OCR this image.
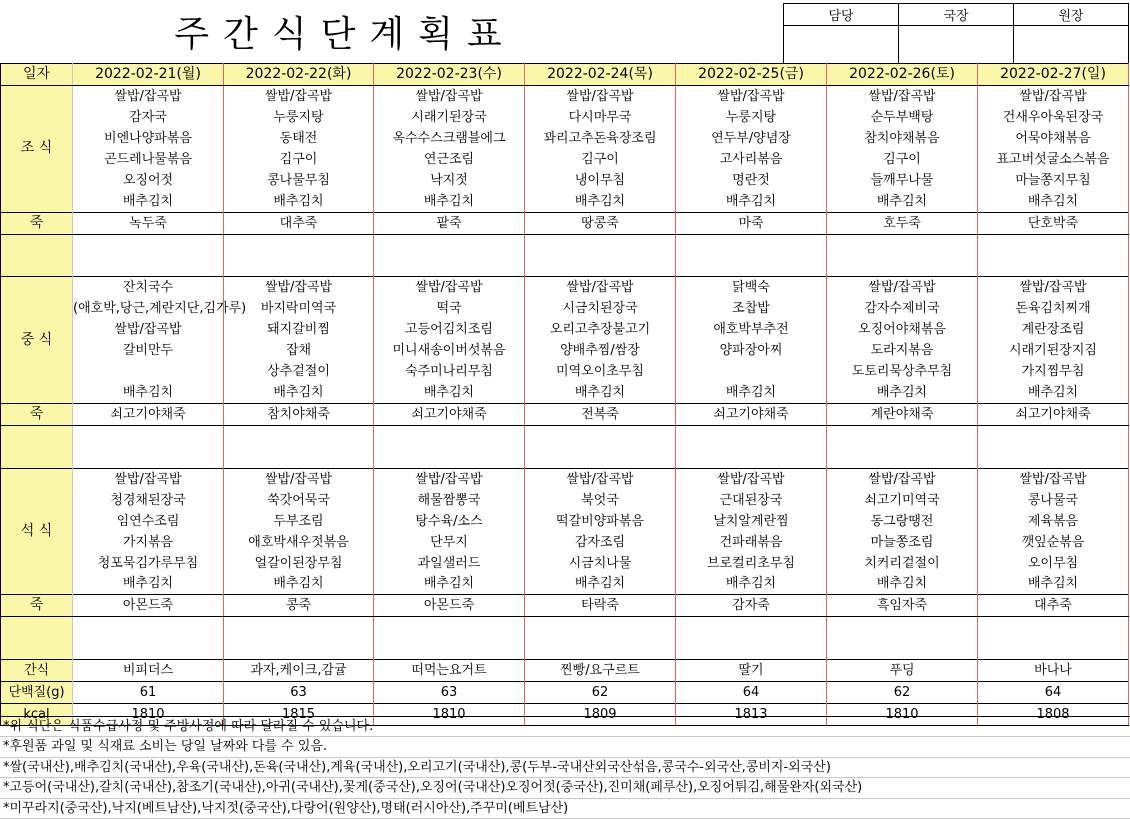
주간식단계획표	담당	국장	원장

일자	2022-02-21(월)	2022-02-22(화)	2022-02-23(수)	2022-02-24(목)	2022-02-25(금)	2022-02-26(토)	2022-02-27(일)
조 식	쌀밥/잡곡밥	쌀밥/잡곡밥	쌀밥/잡곡밥	쌀밥/잡곡밥	쌀밥/잡곡밥	쌀밥/잡곡밥	쌀밥/잡곡밥
	감자국	누룽지탕	시래기된장국	다시마무국	누룽지탕	순두부백탕	건새우아욱된장국
	비엔나양파볶음	동태전	옥수수스크램블에그	꽈리고추돈육장조림	연두부/양념장	참치야채볶음	어묵야채볶음
	곤드레나물볶음	김구이	연근조림	김구이	고사리볶음	김구이	표고버섯굴소스볶음
	오징어젓	콩나물무침	낙지젓	냉이무침	명란젓	들깨무나물	마늘쫑지무침
	배추김치	배추김치	배추김치	배추김치	배추김치	배추김치	배추김치
죽	녹두죽	대추죽	팥죽	땅콩죽	마죽	호두죽	단호박죽

중 식	잔치국수	쌀밥/잡곡밥	쌀밥/잡곡밥	쌀밥/잡곡밥	닭백숙	쌀밥/잡곡밥	쌀밥/잡곡밥
	(애호박,당근,계란지단,김가루)	바지락미역국	떡국	시금치된장국	조찹밥	감자수제비국	돈육김치찌개
	쌀밥/잡곡밥	돼지갈비찜	고등어김치조림	오리고추장불고기	애호박부추전	오징어야채볶음	계란장조림
	갈비만두	잡채	미니새송이버섯볶음	양배추찜/쌈장	양파장아찌	도라지볶음	시래기된장지짐
		상추겉절이	숙주미나리무침	미역오이초무침		도토리묵상추무침	가지찜무침
	배추김치	배추김치	배추김치	배추김치	배추김치	배추김치	배추김치
죽	쇠고기야채죽	참치야채죽	쇠고기야채죽	전복죽	쇠고기야채죽	계란야채죽	쇠고기야채죽

석 식	쌀밥/잡곡밥	쌀밥/잡곡밥	쌀밥/잡곡밥	쌀밥/잡곡밥	쌀밥/잡곡밥	쌀밥/잡곡밥	쌀밥/잡곡밥
	청경채된장국	쑥갓어묵국	해물짬뽕국	북엇국	근대된장국	쇠고기미역국	콩나물국
	임연수조림	두부조림	탕수육/소스	떡갈비양파볶음	날치알계란찜	동그랑땡전	제육볶음
	가지볶음	애호박새우젓볶음	단무지	감자조림	건파래볶음	마늘쫑조림	깻잎순볶음
	청포묵김가루무침	얼갈이된장무침	과일샐러드	시금치나물	브로컬리초무침	치커리겉절이	오이무침
	배추김치	배추김치	배추김치	배추김치	배추김치	배추김치	배추김치
죽	아몬드죽	콩죽	아몬드죽	타락죽	감자죽	흑임자죽	대추죽

간식	비피더스	과자,케이크,감귤	떠먹는요거트	찐빵/요구르트	딸기	푸딩	바나나
단백질(g)	61	63	63	62	64	62	64
kcal	1810	1815	1810	1809	1813	1810	1808
*위 식단은 식품수급사정 및 주방사정에 따라 달라질 수 있습니다.
*후원품 과일 및 식재료 소비는 당일 날짜와 다를 수 있음.
*쌀(국내산),배추김치(국내산),우육(국내산),돈육(국내산),계육(국내산),오리고기(국내산),콩(두부-국내산외국산섞음,콩국수-외국산,콩비지-외국산)
*고등어(국내산),갈치(국내산),참조기(국내산),아귀(국내산),꽃게(중국산),오징어(국내산)오징어젓(중국산),진미채(페루산),오징어튀김,해물완자(외국산)
*미꾸라지(중국산),낙지(베트남산),낙지젓(중국산),다랑어(원양산),명태(러시아산),주꾸미(베트남산)
